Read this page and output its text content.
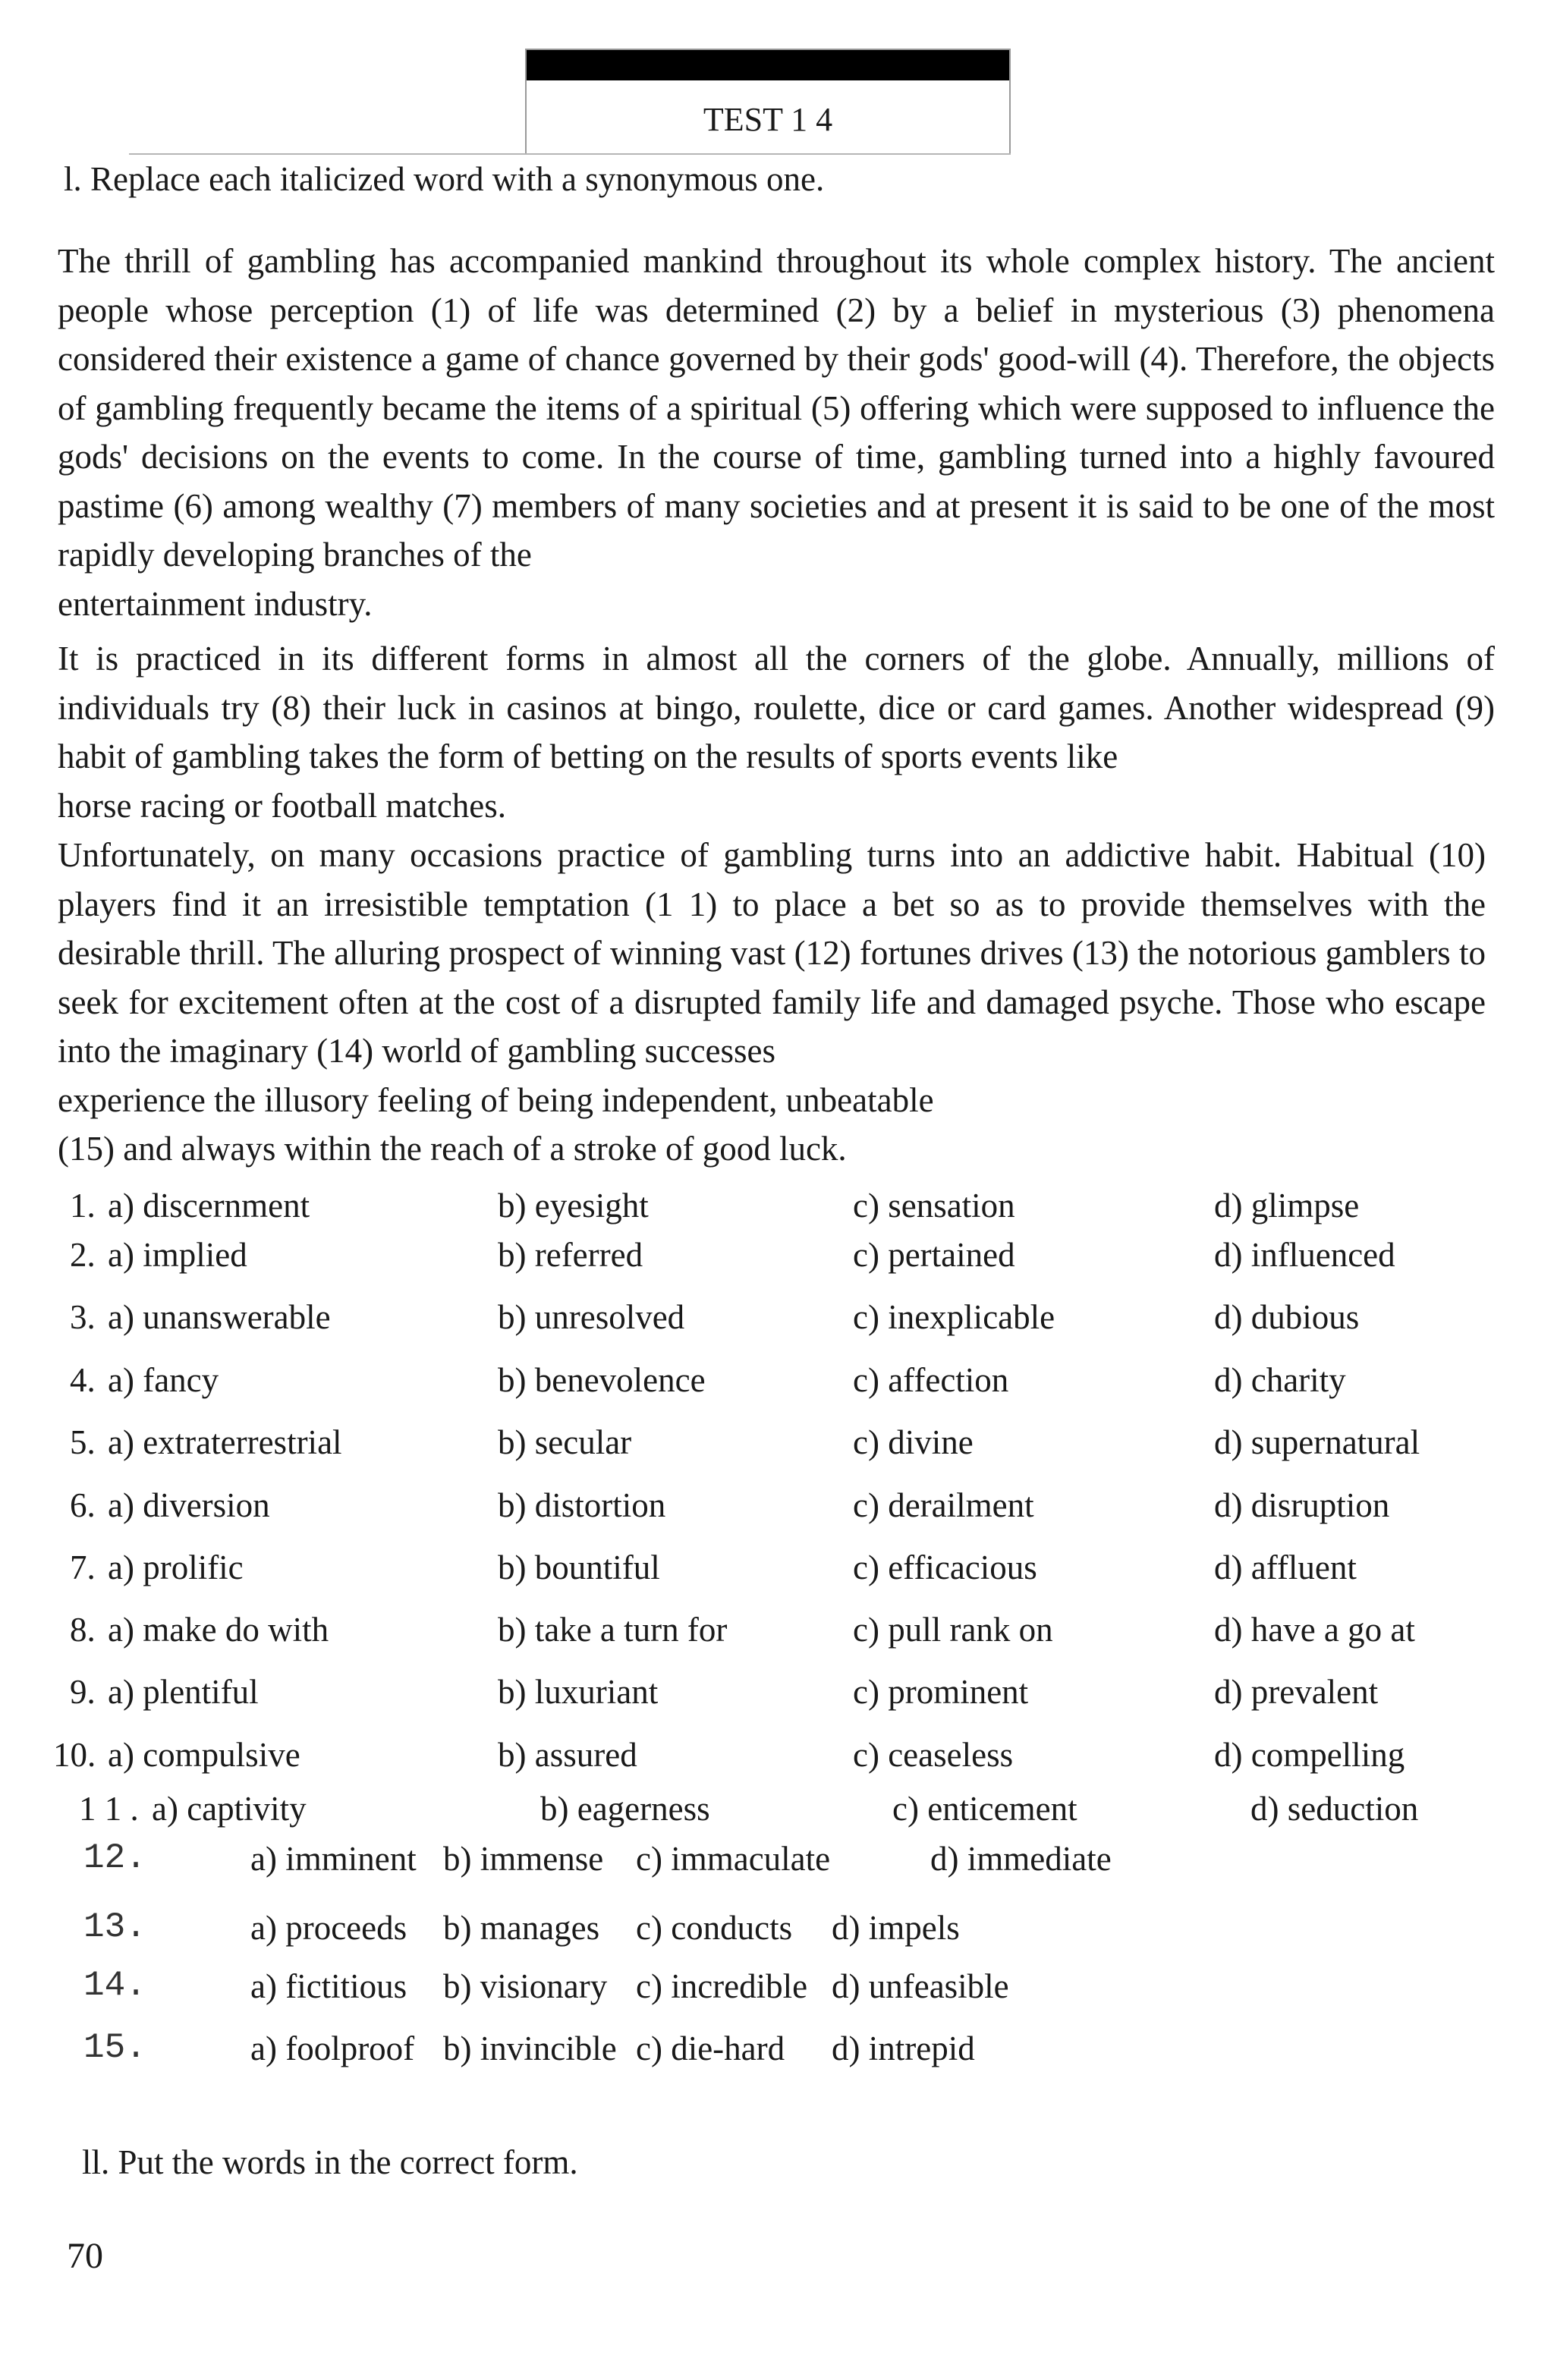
TEST 1 4
l. Replace each italicized word with a synonymous one.
The thrill of gambling has accompanied mankind throughout its whole complex history. The ancient people whose perception (1) of life was determined (2) by a belief in mysterious (3) phenomena considered their existence a game of chance governed by their gods' good-will (4). Therefore, the objects of gambling frequently became the items of a spiritual (5) offering which were supposed to influence the gods' decisions on the events to come. In the course of time, gambling turned into a highly favoured pastime (6) among wealthy (7) members of many societies and at present it is said to be one of the most rapidly developing branches of the
entertainment industry.
It is practiced in its different forms in almost all the corners of the globe. Annually, millions of individuals try (8) their luck in casinos at bingo, roulette, dice or card games. Another widespread (9) habit of gambling takes the form of betting on the results of sports events like
horse racing or football matches.
Unfortunately, on many occasions practice of gambling turns into an addictive habit. Habitual (10) players find it an irresistible temptation (1 1) to place a bet so as to provide themselves with the desirable thrill. The alluring prospect of winning vast (12) fortunes drives (13) the notorious gamblers to seek for excitement often at the cost of a disrupted family life and damaged psyche. Those who escape into the imaginary (14) world of gambling successes
experience the illusory feeling of being independent, unbeatable
(15) and always within the reach of a stroke of good luck.
1. a) discernment	b) eyesight	c) sensation	d) glimpse
2. a) implied	b) referred	c) pertained	d) influenced
3. a) unanswerable	b) unresolved	c) inexplicable	d) dubious
4. a) fancy	b) benevolence	c) affection	d) charity
5. a) extraterrestrial	b) secular	c) divine	d) supernatural
6. a) diversion	b) distortion	c) derailment	d) disruption
7. a) prolific	b) bountiful	c) efficacious	d) affluent
8. a) make do with	b) take a turn for	c) pull rank on	d) have a go at
9. a) plentiful	b) luxuriant	c) prominent	d) prevalent
10. a) compulsive	b) assured	c) ceaseless	d) compelling
1 1 . a) captivity	b) eagerness	c) enticement	d) seduction
12.	a) imminent b) immense c) immaculate	d) immediate
13.	a) proceeds b) manages c) conducts d) impels
14.	a) fictitious b) visionary c) incredible d) unfeasible
15.	a) foolproof b) invincible c) die-hard d) intrepid
ll. Put the words in the correct form.
70
